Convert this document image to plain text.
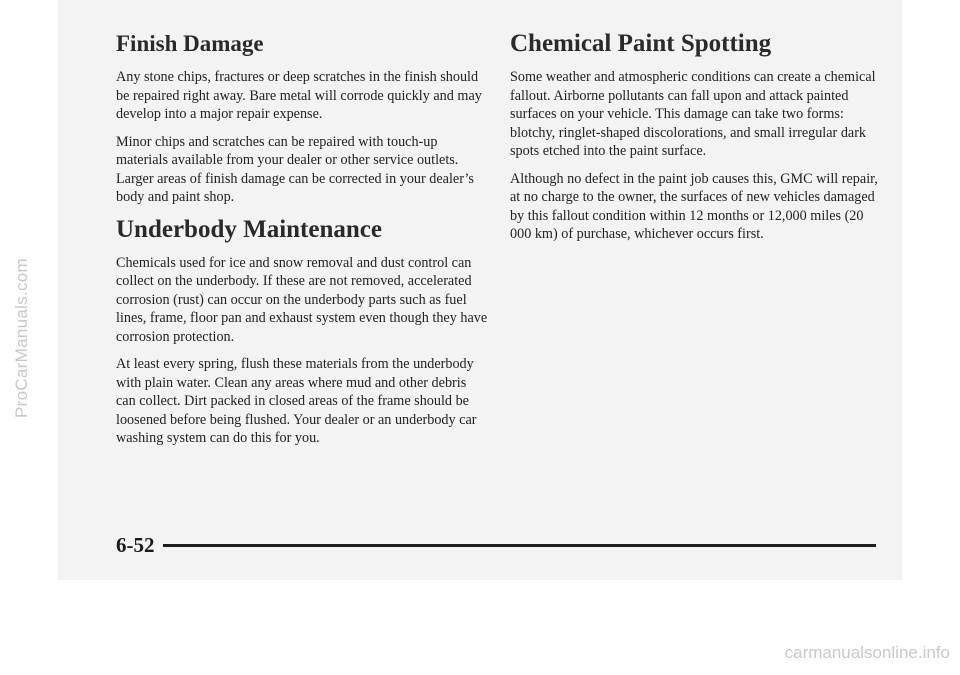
ProCarManuals.com
Finish Damage

Any stone chips, fractures or deep scratches in the finish should be repaired right away. Bare metal will corrode quickly and may develop into a major repair expense.

Minor chips and scratches can be repaired with touch-up materials available from your dealer or other service outlets. Larger areas of finish damage can be corrected in your dealer’s body and paint shop.

Underbody Maintenance

Chemicals used for ice and snow removal and dust control can collect on the underbody. If these are not removed, accelerated corrosion (rust) can occur on the underbody parts such as fuel lines, frame, floor pan and exhaust system even though they have corrosion protection.

At least every spring, flush these materials from the underbody with plain water. Clean any areas where mud and other debris can collect. Dirt packed in closed areas of the frame should be loosened before being flushed. Your dealer or an underbody car washing system can do this for you.

Chemical Paint Spotting

Some weather and atmospheric conditions can create a chemical fallout. Airborne pollutants can fall upon and attack painted surfaces on your vehicle. This damage can take two forms: blotchy, ringlet-shaped discolorations, and small irregular dark spots etched into the paint surface.

Although no defect in the paint job causes this, GMC will repair, at no charge to the owner, the surfaces of new vehicles damaged by this fallout condition within 12 months or 12,000 miles (20 000 km) of purchase, whichever occurs first.

6-52
carmanualsonline.info
